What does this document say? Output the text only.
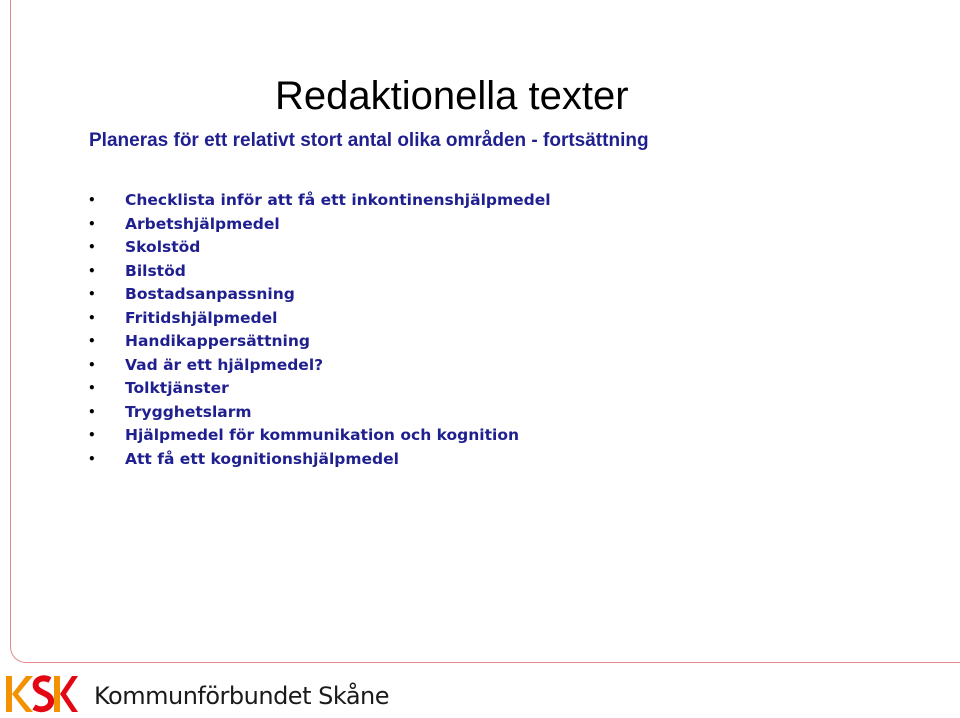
Redaktionella texter
Planeras för ett relativt stort antal olika områden - fortsättning
• Checklista inför att få ett inkontinenshjälpmedel
• Arbetshjälpmedel
• Skolstöd
• Bilstöd
• Bostadsanpassning
• Fritidshjälpmedel
• Handikappersättning
• Vad är ett hjälpmedel?
• Tolktjänster
• Trygghetslarm
• Hjälpmedel för kommunikation och kognition
• Att få ett kognitionshjälpmedel
Kommunförbundet Skåne
